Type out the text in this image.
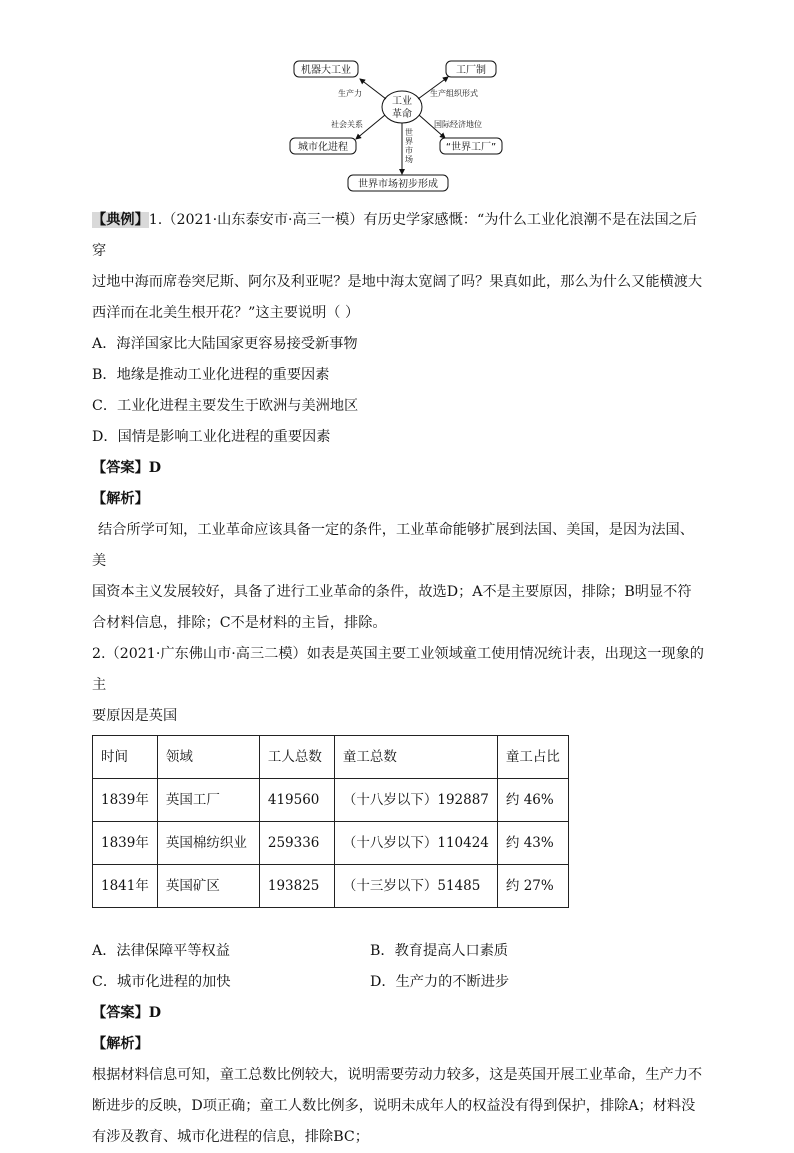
工业
革命
机器大工业	工厂制
城市化进程	“世界工厂”
世界市场初步形成
生产力	生产组织形式
社会关系	国际经济地位
世
界
市
场

【典例】1.（2021·山东泰安市·高三一模）有历史学家感慨：“为什么工业化浪潮不是在法国之后穿

过地中海而席卷突尼斯、阿尔及利亚呢？是地中海太宽阔了吗？果真如此，那么为什么又能横渡大

西洋而在北美生根开花？”这主要说明（ ）

A．海洋国家比大陆国家更容易接受新事物

B．地缘是推动工业化进程的重要因素

C．工业化进程主要发生于欧洲与美洲地区

D．国情是影响工业化进程的重要因素

【答案】D

【解析】

结合所学可知，工业革命应该具备一定的条件，工业革命能够扩展到法国、美国，是因为法国、美

国资本主义发展较好，具备了进行工业革命的条件，故选D；A不是主要原因，排除；B明显不符

合材料信息，排除；C不是材料的主旨，排除。

2.（2021·广东佛山市·高三二模）如表是英国主要工业领域童工使用情况统计表，出现这一现象的主

要原因是英国

时间	领域	工人总数	童工总数	童工占比
1839年	英国工厂	419560	（十八岁以下）192887	约 46%
1839年	英国棉纺织业	259336	（十八岁以下）110424	约 43%
1841年	英国矿区	193825	（十三岁以下）51485	约 27%
A．法律保障平等权益	B．教育提高人口素质
C．城市化进程的加快	D．生产力的不断进步

【答案】D

【解析】

根据材料信息可知，童工总数比例较大，说明需要劳动力较多，这是英国开展工业革命，生产力不

断进步的反映，D项正确；童工人数比例多，说明未成年人的权益没有得到保护，排除A；材料没

有涉及教育、城市化进程的信息，排除BC；
